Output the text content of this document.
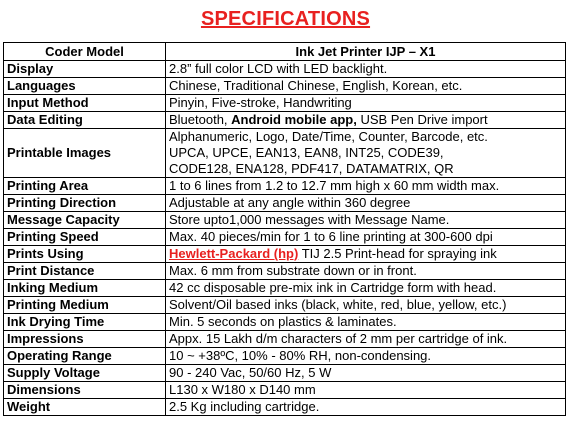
SPECIFICATIONS
Coder Model	Ink Jet Printer IJP – X1
Display	2.8” full color LCD with LED backlight.
Languages	Chinese, Traditional Chinese, English, Korean, etc.
Input Method	Pinyin, Five-stroke, Handwriting
Data Editing	Bluetooth, Android mobile app, USB Pen Drive import
Printable Images	Alphanumeric, Logo, Date/Time, Counter, Barcode, etc.
UPCA, UPCE, EAN13, EAN8, INT25, CODE39,
CODE128, ENA128, PDF417, DATAMATRIX, QR

Printing Area	1 to 6 lines from 1.2 to 12.7 mm high x 60 mm width max.
Printing Direction	Adjustable at any angle within 360 degree
Message Capacity	Store upto1,000 messages with Message Name.
Printing Speed	Max. 40 pieces/min for 1 to 6 line printing at 300-600 dpi
Prints Using	Hewlett-Packard (hp) TIJ 2.5 Print-head for spraying ink
Print Distance	Max. 6 mm from substrate down or in front.
Inking Medium	42 cc disposable pre-mix ink in Cartridge form with head.
Printing Medium	Solvent/Oil based inks (black, white, red, blue, yellow, etc.)
Ink Drying Time	Min. 5 seconds on plastics & laminates.
Impressions	Appx. 15 Lakh d/m characters of 2 mm per cartridge of ink.
Operating Range	10 ~ +38ºC, 10% - 80% RH, non-condensing.
Supply Voltage	90 - 240 Vac, 50/60 Hz, 5 W
Dimensions	L130 x W180 x D140 mm
Weight	2.5 Kg including cartridge.
